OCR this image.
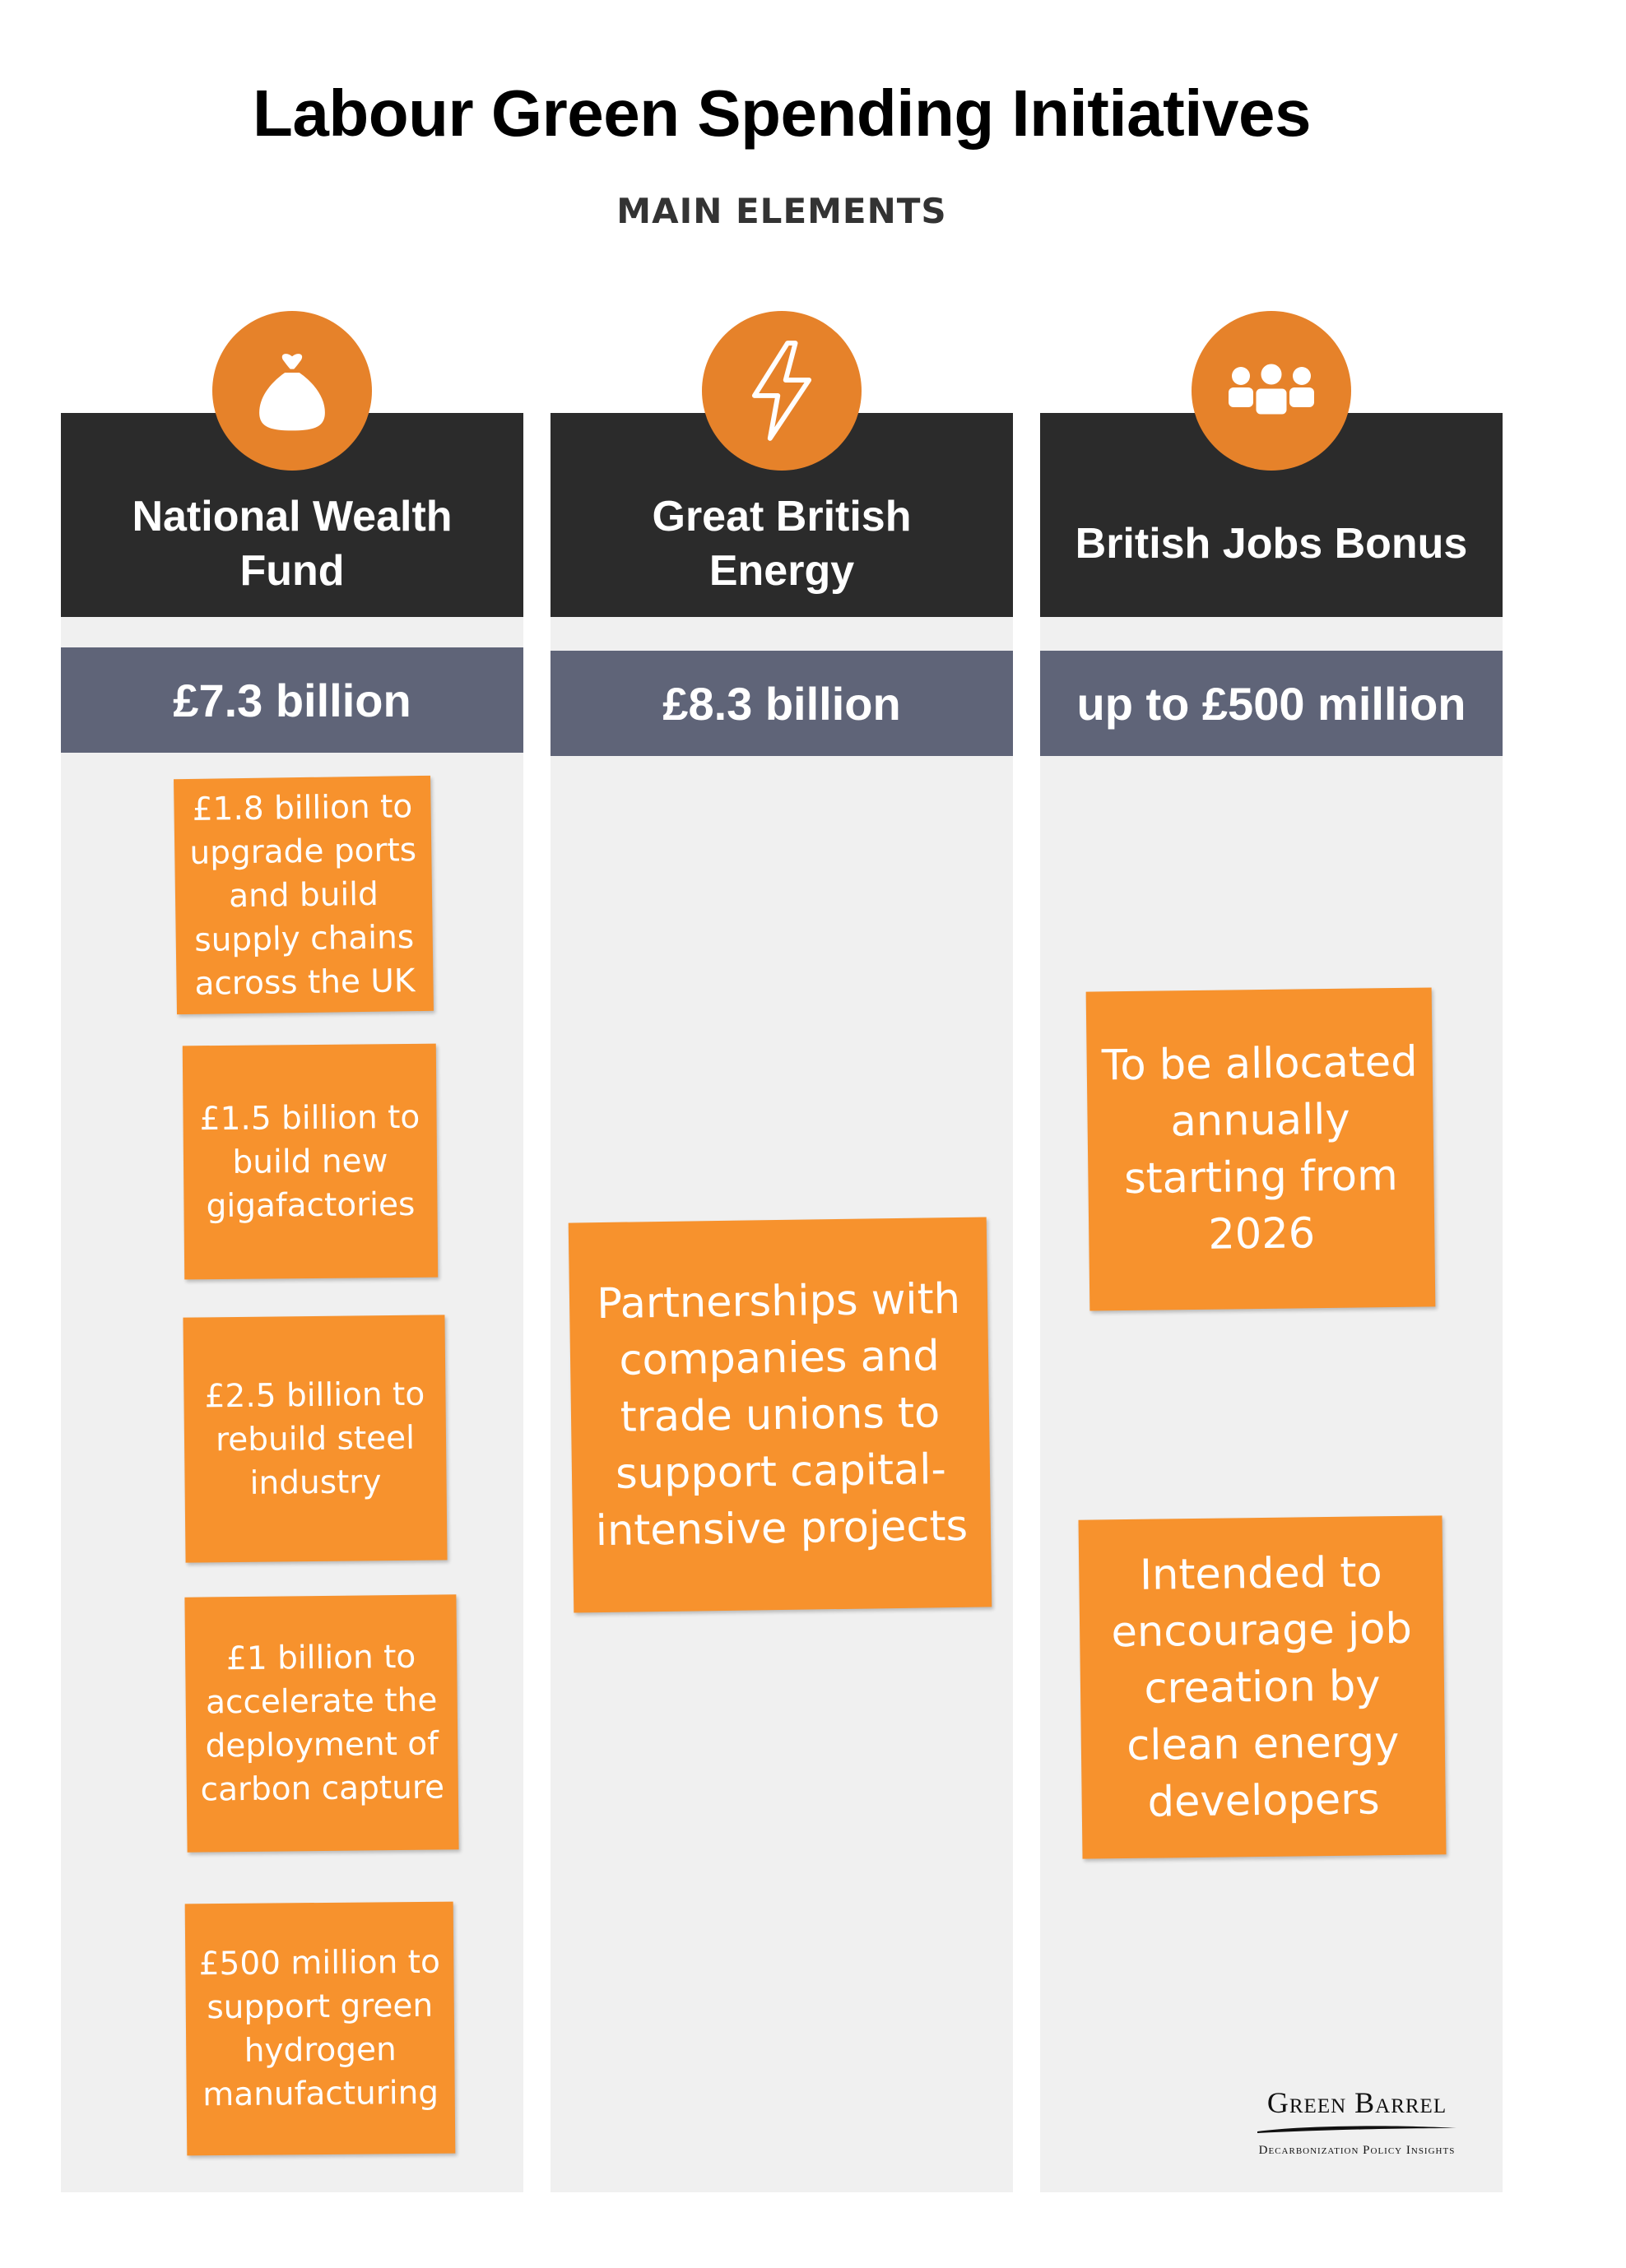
Labour Green Spending Initiatives
MAIN ELEMENTS
National Wealth Fund
Great British Energy
British Jobs Bonus
£7.3 billion	£8.3 billion	up to £500 million
£1.8 billion to upgrade ports and build supply chains across the UK
£1.5 billion to build new gigafactories
£2.5 billion to rebuild steel industry
£1 billion to accelerate the deployment of carbon capture
£500 million to support green hydrogen manufacturing
Partnerships with companies and trade unions to support capital-intensive projects
To be allocated annually starting from 2026
Intended to encourage job creation by clean energy developers
Green Barrel
Decarbonization Policy Insights
